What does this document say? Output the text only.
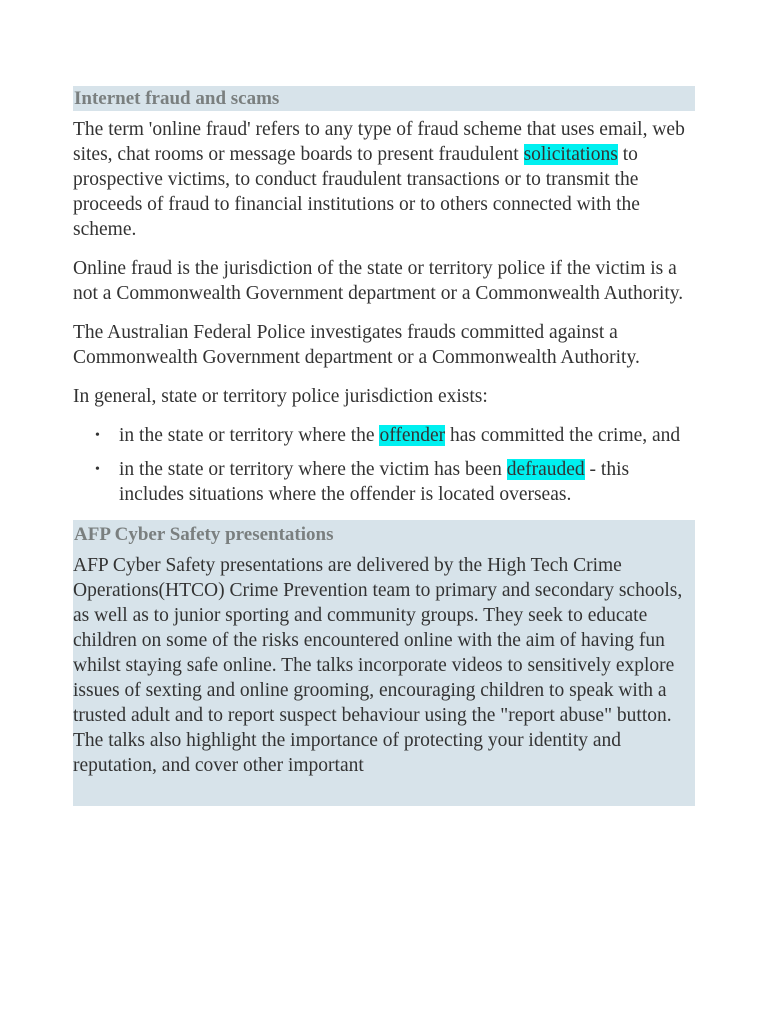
Internet fraud and scams

The term 'online fraud' refers to any type of fraud scheme that uses email, web sites, chat rooms or message boards to present fraudulent solicitations to prospective victims, to conduct fraudulent transactions or to transmit the proceeds of fraud to financial institutions or to others connected with the scheme.

Online fraud is the jurisdiction of the state or territory police if the victim is a not a Commonwealth Government department or a Commonwealth Authority.

The Australian Federal Police investigates frauds committed against a Commonwealth Government department or a Commonwealth Authority.

In general, state or territory police jurisdiction exists:

• in the state or territory where the offender has committed the crime, and
• in the state or territory where the victim has been defrauded - this includes situations where the offender is located overseas.
AFP Cyber Safety presentations

AFP Cyber Safety presentations are delivered by the High Tech Crime Operations(HTCO) Crime Prevention team to primary and secondary schools, as well as to junior sporting and community groups. They seek to educate children on some of the risks encountered online with the aim of having fun whilst staying safe online. The talks incorporate videos to sensitively explore issues of sexting and online grooming, encouraging children to speak with a trusted adult and to report suspect behaviour using the "report abuse" button. The talks also highlight the importance of protecting your identity and reputation, and cover other important
